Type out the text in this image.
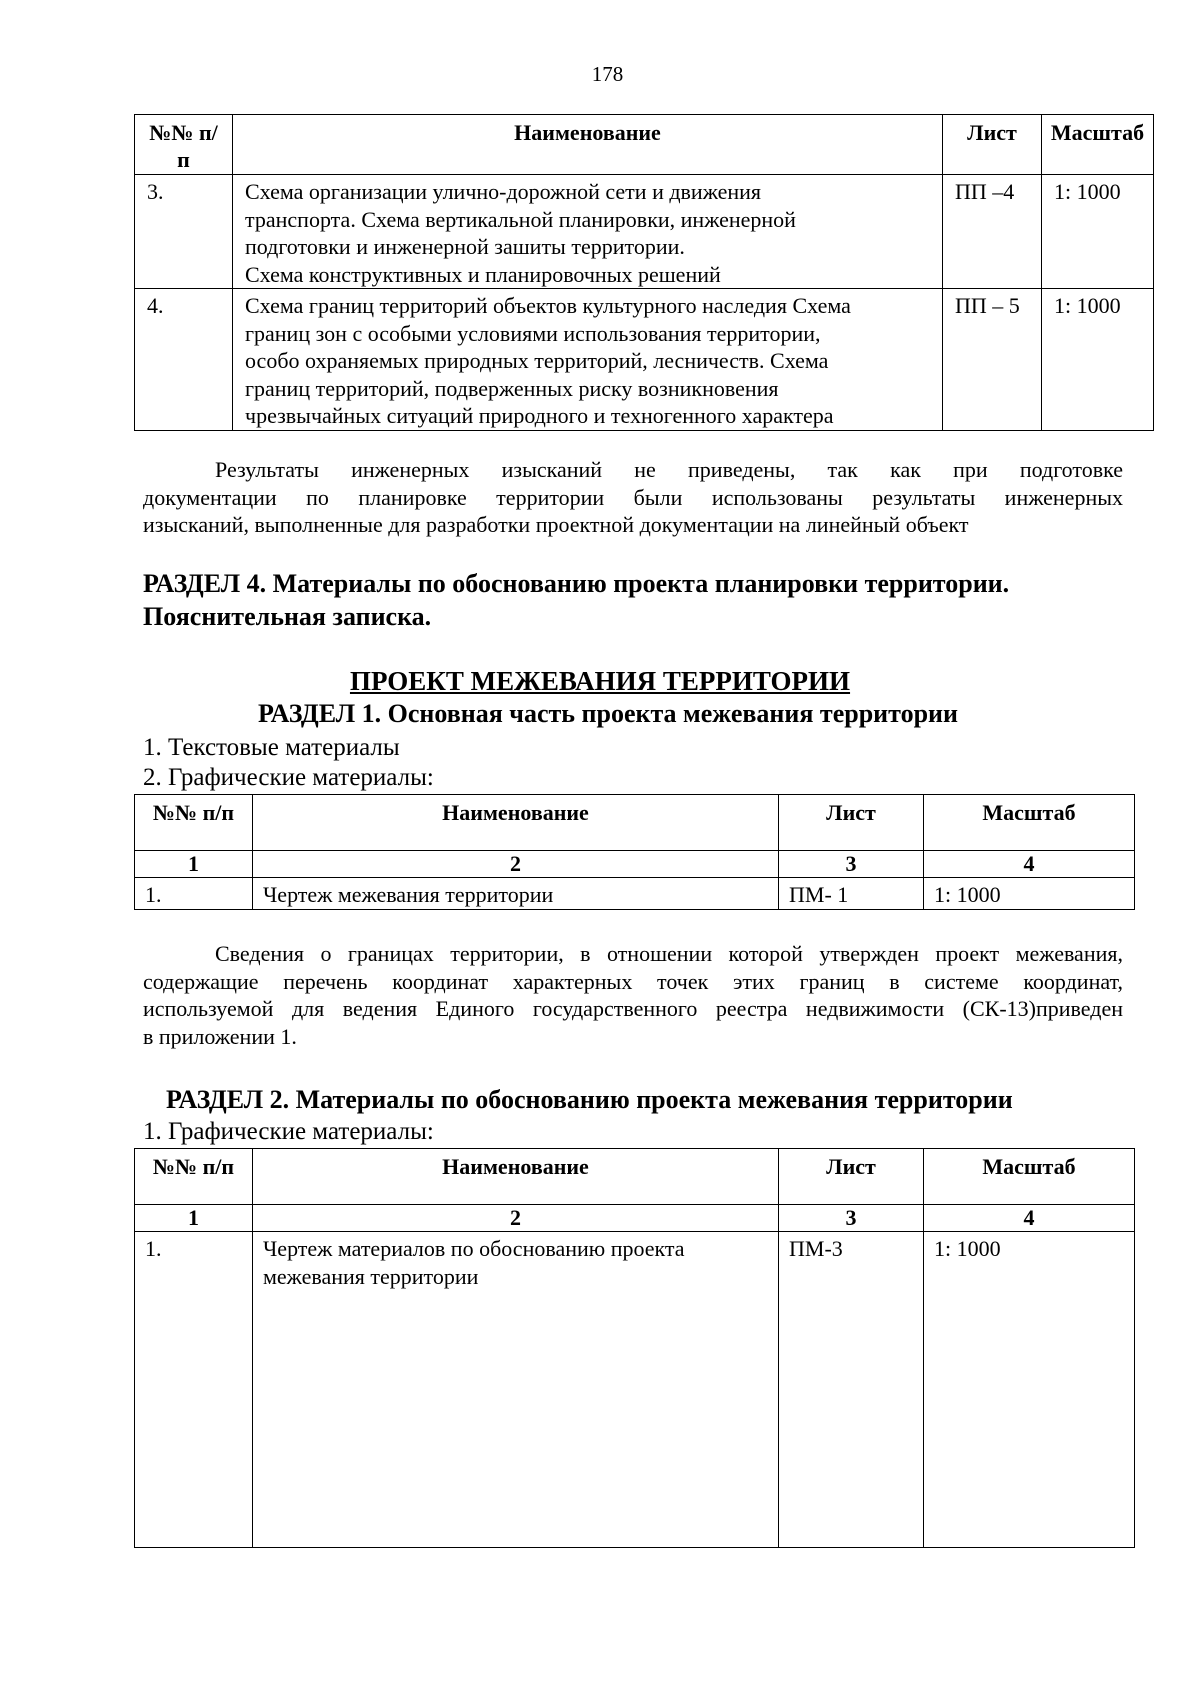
178
№№ п/п	Наименование	Лист	Масштаб
3.	Схема организации улично-дорожной сети и движения
транспорта. Схема вертикальной планировки, инженерной
подготовки и инженерной зашиты территории.
Схема конструктивных и планировочных решений	ПП –4	1: 1000
4.	Схема границ территорий объектов культурного наследия Схема
границ зон с особыми условиями использования территории,
особо охраняемых природных территорий, лесничеств. Схема
границ территорий, подверженных риску возникновения
чрезвычайных ситуаций природного и техногенного характера	ПП – 5	1: 1000
Результаты инженерных изысканий не приведены, так как при подготовке
документации по планировке территории были использованы результаты инженерных
изысканий, выполненные для разработки проектной документации на линейный объект
РАЗДЕЛ 4. Материалы по обоснованию проекта планировки территории.
Пояснительная записка.
ПРОЕКТ МЕЖЕВАНИЯ ТЕРРИТОРИИ
РАЗДЕЛ 1. Основная часть проекта межевания территории
1. Текстовые материалы
2. Графические материалы:
№№ п/п	Наименование	Лист	Масштаб
1	2	3	4
1.	Чертеж межевания территории	ПМ- 1	1: 1000
Сведения о границах территории, в отношении которой утвержден проект межевания,
содержащие перечень координат характерных точек этих границ в системе координат,
используемой для ведения Единого государственного реестра недвижимости (СК-13)приведен
в приложении 1.
РАЗДЕЛ 2. Материалы по обоснованию проекта межевания территории
1. Графические материалы:
№№ п/п	Наименование	Лист	Масштаб
1	2	3	4
1.	Чертеж материалов по обоснованию проекта
межевания территории	ПМ-3	1: 1000
